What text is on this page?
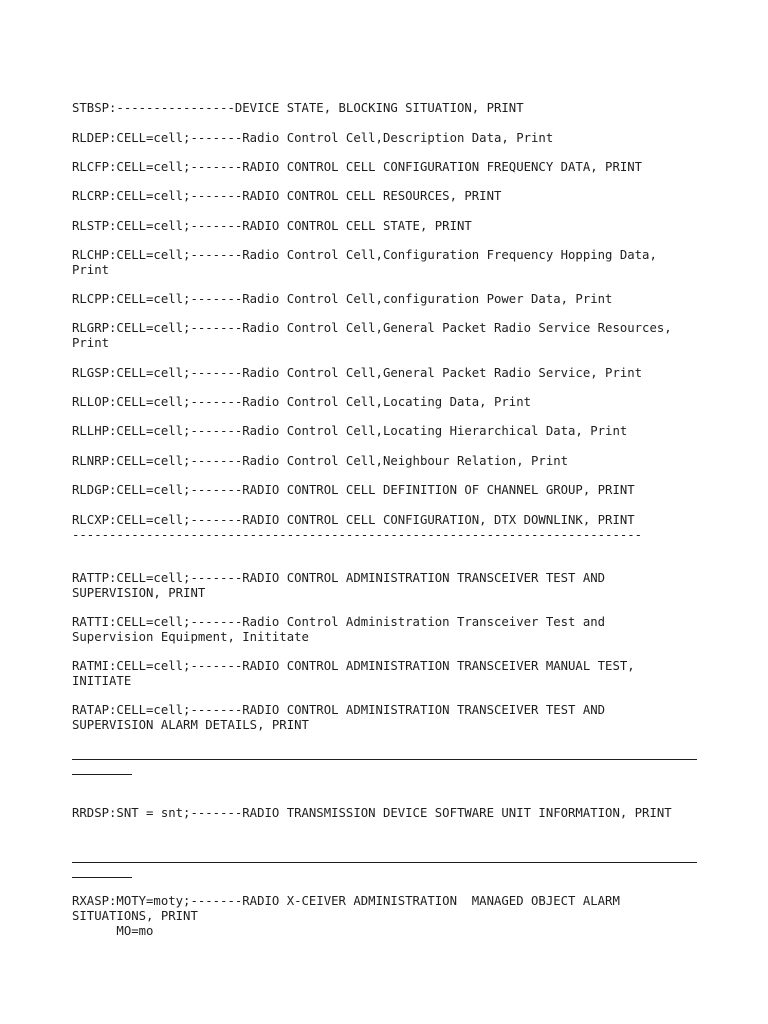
STBSP:----------------DEVICE STATE, BLOCKING SITUATION, PRINT

RLDEP:CELL=cell;-------Radio Control Cell,Description Data, Print

RLCFP:CELL=cell;-------RADIO CONTROL CELL CONFIGURATION FREQUENCY DATA, PRINT

RLCRP:CELL=cell;-------RADIO CONTROL CELL RESOURCES, PRINT

RLSTP:CELL=cell;-------RADIO CONTROL CELL STATE, PRINT

RLCHP:CELL=cell;-------Radio Control Cell,Configuration Frequency Hopping Data,

Print

RLCPP:CELL=cell;-------Radio Control Cell,configuration Power Data, Print

RLGRP:CELL=cell;-------Radio Control Cell,General Packet Radio Service Resources,

Print

RLGSP:CELL=cell;-------Radio Control Cell,General Packet Radio Service, Print

RLLOP:CELL=cell;-------Radio Control Cell,Locating Data, Print

RLLHP:CELL=cell;-------Radio Control Cell,Locating Hierarchical Data, Print

RLNRP:CELL=cell;-------Radio Control Cell,Neighbour Relation, Print

RLDGP:CELL=cell;-------RADIO CONTROL CELL DEFINITION OF CHANNEL GROUP, PRINT

RLCXP:CELL=cell;-------RADIO CONTROL CELL CONFIGURATION, DTX DOWNLINK, PRINT

-----------------------------------------------------------------------------

RATTP:CELL=cell;-------RADIO CONTROL ADMINISTRATION TRANSCEIVER TEST AND

SUPERVISION, PRINT

RATTI:CELL=cell;-------Radio Control Administration Transceiver Test and

Supervision Equipment, Inititate

RATMI:CELL=cell;-------RADIO CONTROL ADMINISTRATION TRANSCEIVER MANUAL TEST,

INITIATE

RATAP:CELL=cell;-------RADIO CONTROL ADMINISTRATION TRANSCEIVER TEST AND

SUPERVISION ALARM DETAILS, PRINT

RRDSP:SNT = snt;-------RADIO TRANSMISSION DEVICE SOFTWARE UNIT INFORMATION, PRINT

RXASP:MOTY=moty;-------RADIO X-CEIVER ADMINISTRATION  MANAGED OBJECT ALARM

SITUATIONS, PRINT

MO=mo
